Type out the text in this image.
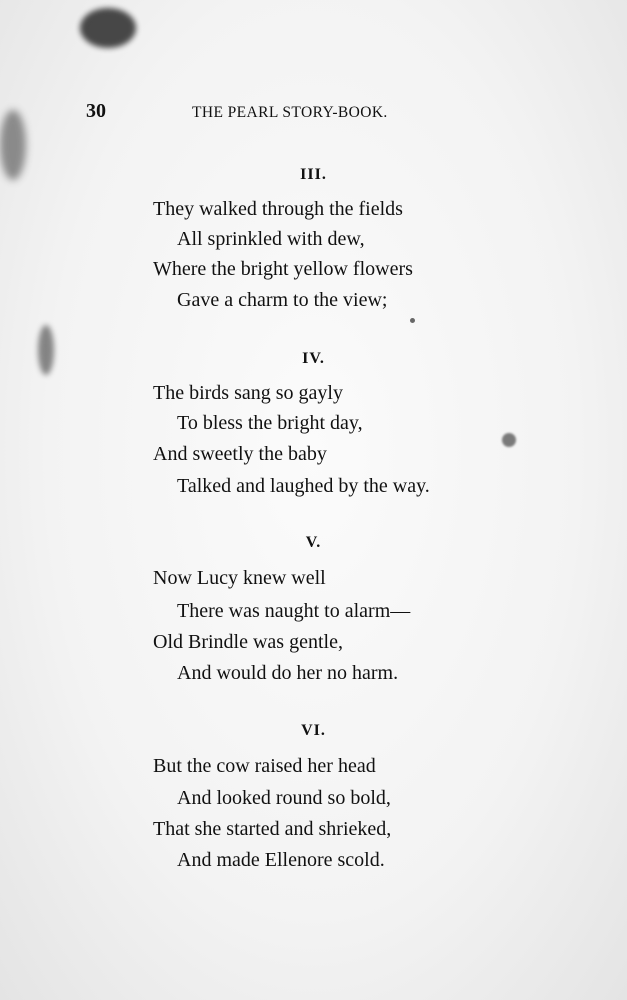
30	THE PEARL STORY-BOOK.
III.
They walked through the fields
All sprinkled with dew,
Where the bright yellow flowers
Gave a charm to the view;
IV.
The birds sang so gayly
To bless the bright day,
And sweetly the baby
Talked and laughed by the way.
V.
Now Lucy knew well
There was naught to alarm—
Old Brindle was gentle,
And would do her no harm.
VI.
But the cow raised her head
And looked round so bold,
That she started and shrieked,
And made Ellenore scold.
